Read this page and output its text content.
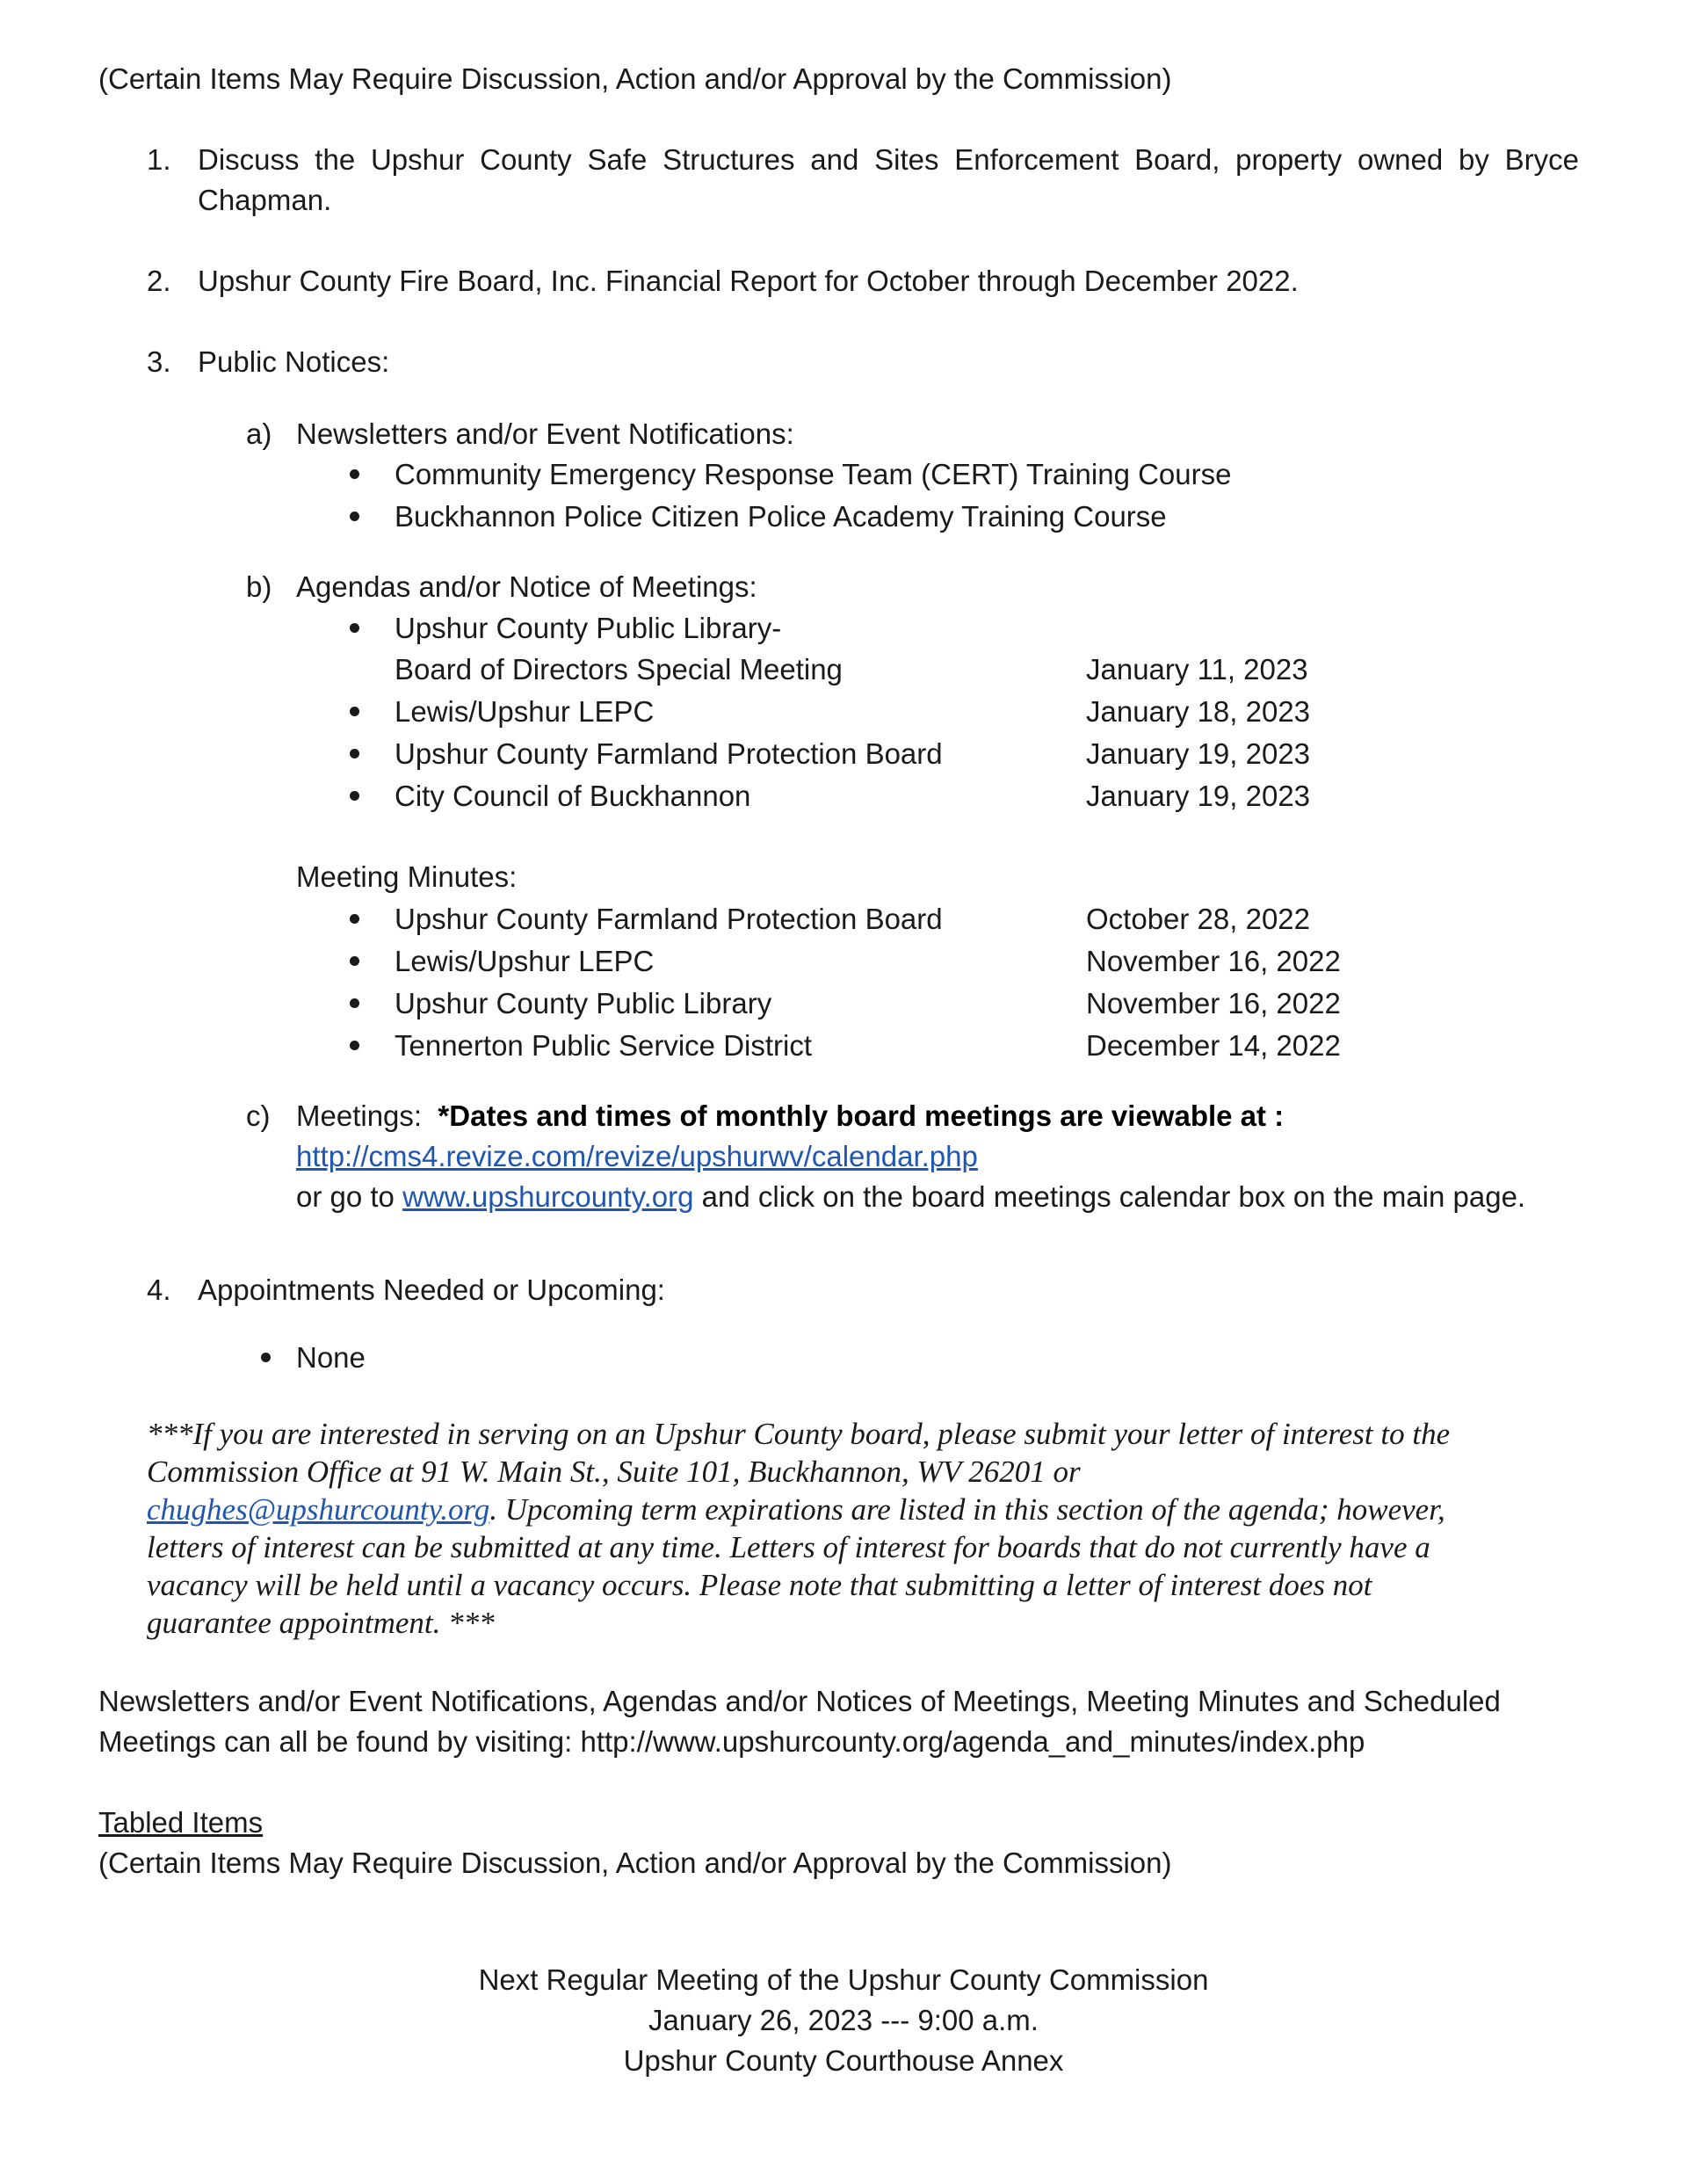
(Certain Items May Require Discussion, Action and/or Approval by the Commission)
1. Discuss the Upshur County Safe Structures and Sites Enforcement Board, property owned by Bryce
Chapman.
2. Upshur County Fire Board, Inc. Financial Report for October through December 2022.
3. Public Notices:
a) Newsletters and/or Event Notifications:
Community Emergency Response Team (CERT) Training Course
Buckhannon Police Citizen Police Academy Training Course
b) Agendas and/or Notice of Meetings:
Upshur County Public Library-
Board of Directors Special Meeting	January 11, 2023
Lewis/Upshur LEPC	January 18, 2023
Upshur County Farmland Protection Board	January 19, 2023
City Council of Buckhannon	January 19, 2023
Meeting Minutes:
Upshur County Farmland Protection Board	October 28, 2022
Lewis/Upshur LEPC	November 16, 2022
Upshur County Public Library	November 16, 2022
Tennerton Public Service District	December 14, 2022
c) Meetings: *Dates and times of monthly board meetings are viewable at :
http://cms4.revize.com/revize/upshurwv/calendar.php
or go to www.upshurcounty.org and click on the board meetings calendar box on the main page.
4. Appointments Needed or Upcoming:
None
***If you are interested in serving on an Upshur County board, please submit your letter of interest to the
Commission Office at 91 W. Main St., Suite 101, Buckhannon, WV 26201 or
chughes@upshurcounty.org. Upcoming term expirations are listed in this section of the agenda; however,
letters of interest can be submitted at any time. Letters of interest for boards that do not currently have a
vacancy will be held until a vacancy occurs. Please note that submitting a letter of interest does not
guarantee appointment. ***
Newsletters and/or Event Notifications, Agendas and/or Notices of Meetings, Meeting Minutes and Scheduled
Meetings can all be found by visiting: http://www.upshurcounty.org/agenda_and_minutes/index.php
Tabled Items
(Certain Items May Require Discussion, Action and/or Approval by the Commission)
Next Regular Meeting of the Upshur County Commission
January 26, 2023 --- 9:00 a.m.
Upshur County Courthouse Annex
